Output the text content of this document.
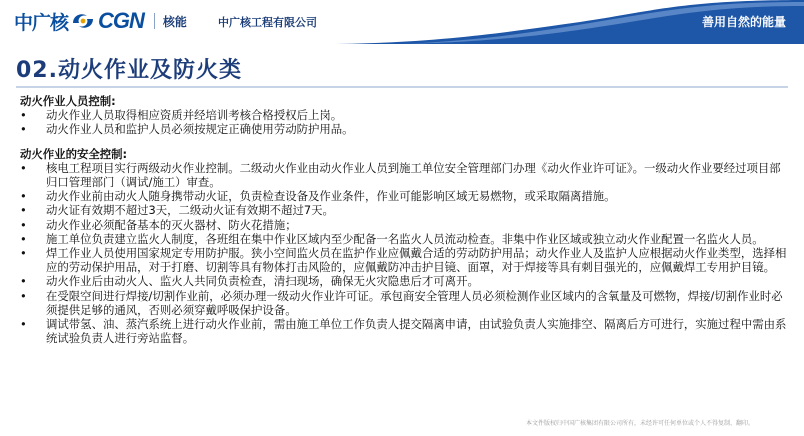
中广核 CGN 核能	中广核工程有限公司	善用自然的能量
02.动火作业及防火类

动火作业人员控制:

• 动火作业人员取得相应资质并经培训考核合格授权后上岗。
• 动火作业人员和监护人员必须按规定正确使用劳动防护用品。

动火作业的安全控制:

• 核电工程项目实行两级动火作业控制。二级动火作业由动火作业人员到施工单位安全管理部门办理《动火作业许可证》。一级动火作业要经过项目部归口管理部门（调试/施工）审查。
• 动火作业前由动火人随身携带动火证，负责检查设备及作业条件，作业可能影响区域无易燃物，或采取隔离措施。
• 动火证有效期不超过3天，二级动火证有效期不超过7天。
• 动火作业必须配备基本的灭火器材、防火花措施；
• 施工单位负责建立监火人制度，各班组在集中作业区域内至少配备一名监火人员流动检查。非集中作业区域或独立动火作业配置一名监火人员。
• 焊工作业人员使用国家规定专用防护服。狭小空间监火员在监护作业应佩戴合适的劳动防护用品；动火作业人及监护人应根据动火作业类型，选择相应的劳动保护用品，对于打磨、切割等具有物体打击风险的，应佩戴防冲击护目镜、面罩，对于焊接等具有刺目强光的，应佩戴焊工专用护目镜。
• 动火作业后由动火人、监火人共同负责检查，清扫现场，确保无火灾隐患后才可离开。
• 在受限空间进行焊接/切割作业前，必须办理一级动火作业许可证。承包商安全管理人员必须检测作业区域内的含氧量及可燃物，焊接/切割作业时必须提供足够的通风，否则必须穿戴呼吸保护设备。
• 调试带氢、油、蒸汽系统上进行动火作业前，需由施工单位工作负责人提交隔离申请，由试验负责人实施排空、隔离后方可进行，实施过程中需由系统试验负责人进行旁站监督。
本文件版权归中国广核集团有限公司所有，未经许可任何单位或个人不得复制、翻印。
